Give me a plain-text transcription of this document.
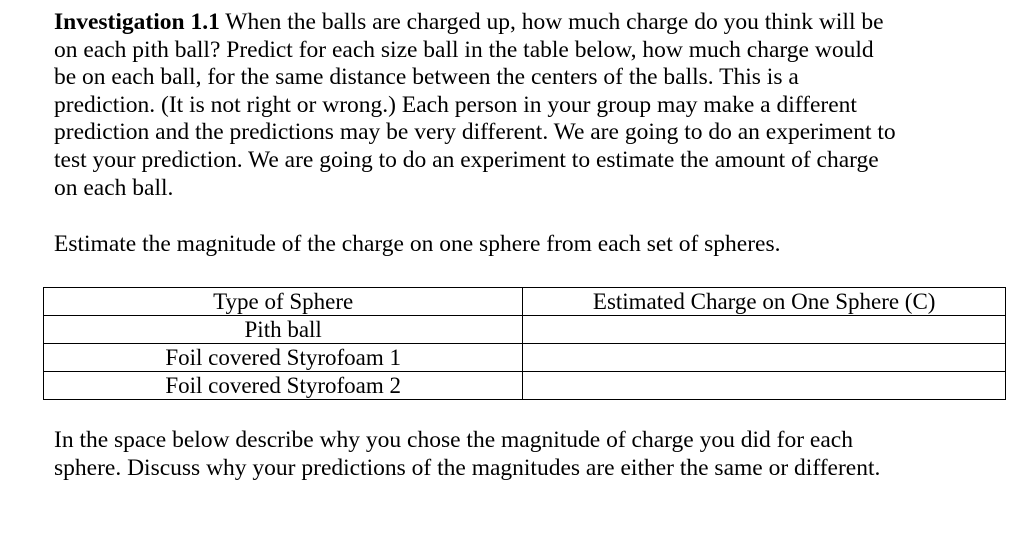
Investigation 1.1 When the balls are charged up, how much charge do you think will be
on each pith ball? Predict for each size ball in the table below, how much charge would
be on each ball, for the same distance between the centers of the balls. This is a
prediction. (It is not right or wrong.) Each person in your group may make a different
prediction and the predictions may be very different. We are going to do an experiment to
test your prediction. We are going to do an experiment to estimate the amount of charge
on each ball.

Estimate the magnitude of the charge on one sphere from each set of spheres.

Type of Sphere	Estimated Charge on One Sphere (C)
Pith ball	
Foil covered Styrofoam 1	
Foil covered Styrofoam 2	

In the space below describe why you chose the magnitude of charge you did for each
sphere. Discuss why your predictions of the magnitudes are either the same or different.
